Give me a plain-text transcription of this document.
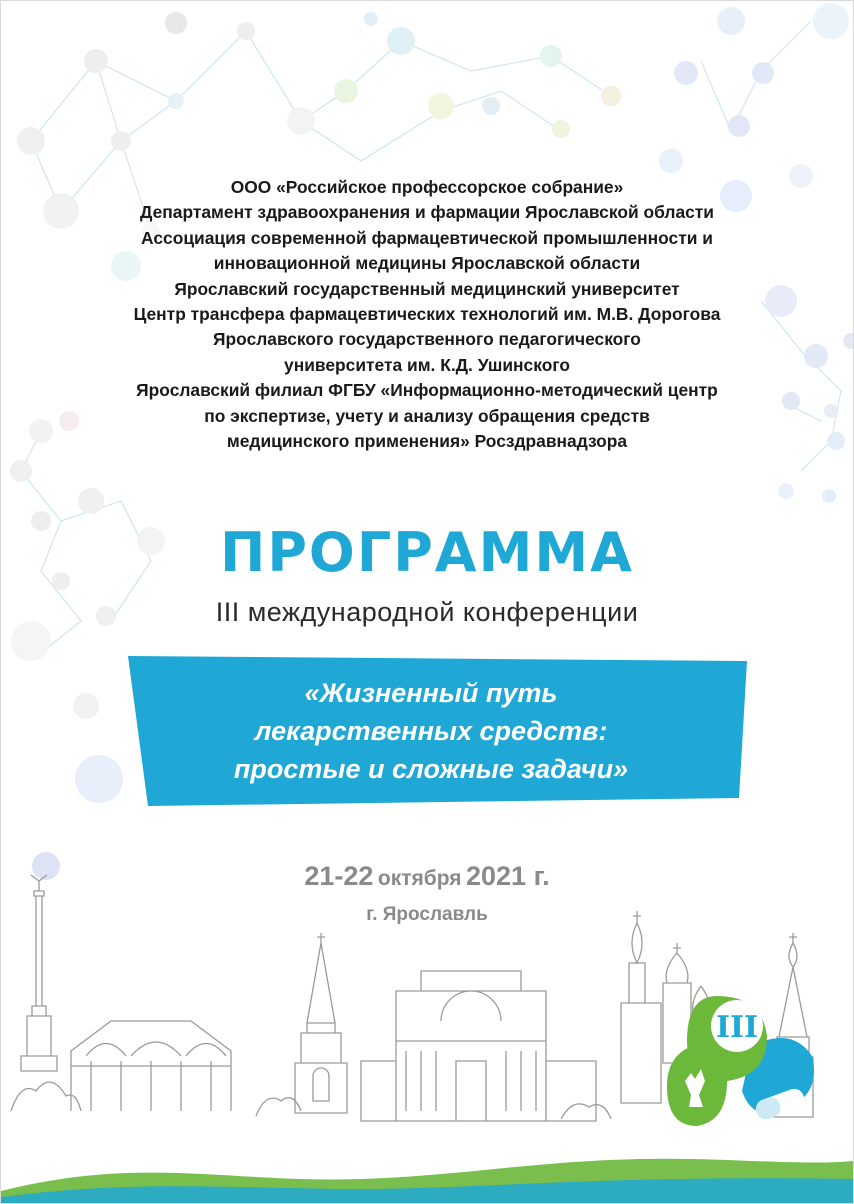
ООО «Российское профессорское собрание»
Департамент здравоохранения и фармации Ярославской области
Ассоциация современной фармацевтической промышленности и
инновационной медицины Ярославской области
Ярославский государственный медицинский университет
Центр трансфера фармацевтических технологий им. М.В. Дорогова
Ярославского государственного педагогического
университета им. К.Д. Ушинского
Ярославский филиал ФГБУ «Информационно-методический центр
по экспертизе, учету и анализу обращения средств
медицинского применения» Росздравнадзора
ПРОГРАММА
III международной конференции
«Жизненный путь
лекарственных средств:
простые и сложные задачи»
21-22 октября 2021 г.
г. Ярославль
III
